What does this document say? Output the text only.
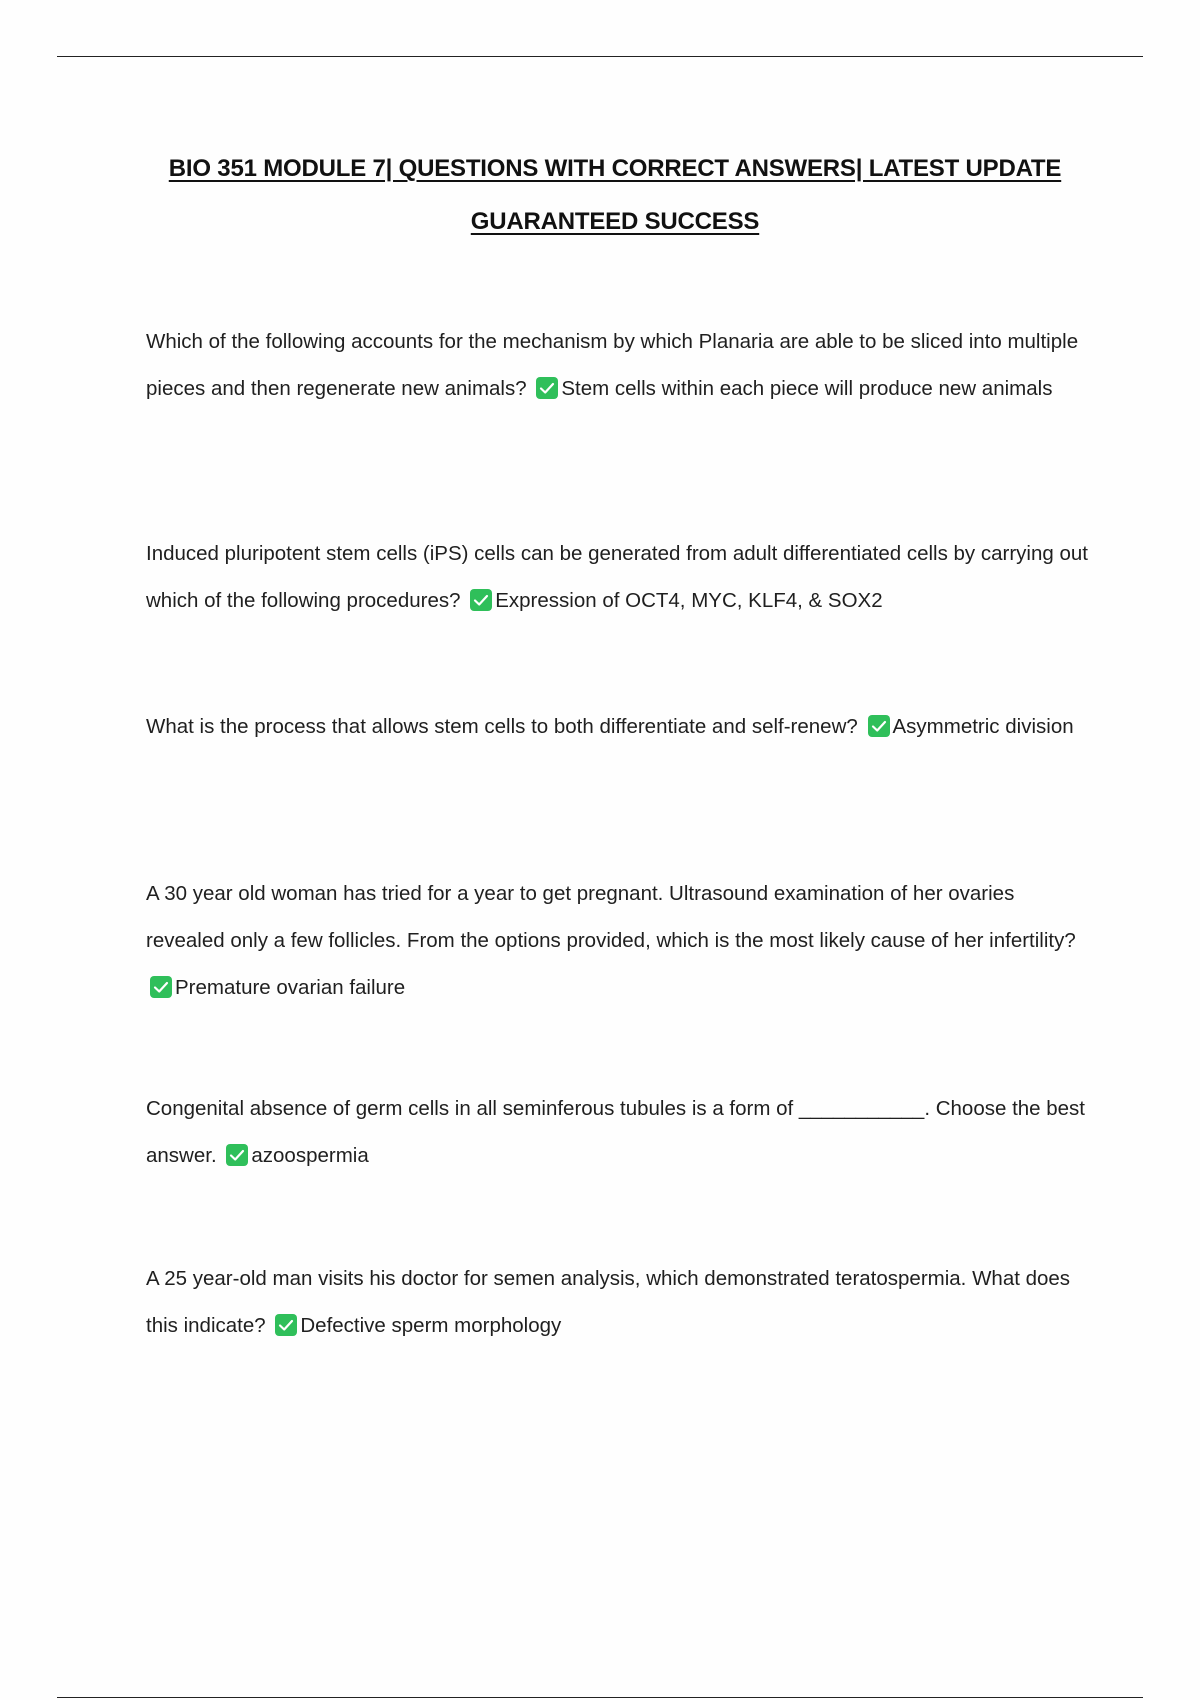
BIO 351 MODULE 7| QUESTIONS WITH CORRECT ANSWERS| LATEST UPDATE GUARANTEED SUCCESS
Which of the following accounts for the mechanism by which Planaria are able to be sliced into multiple pieces and then regenerate new animals? Stem cells within each piece will produce new animals
Induced pluripotent stem cells (iPS) cells can be generated from adult differentiated cells by carrying out which of the following procedures? Expression of OCT4, MYC, KLF4, & SOX2
What is the process that allows stem cells to both differentiate and self-renew? Asymmetric division
A 30 year old woman has tried for a year to get pregnant. Ultrasound examination of her ovaries revealed only a few follicles. From the options provided, which is the most likely cause of her infertility?
Premature ovarian failure
Congenital absence of germ cells in all seminferous tubules is a form of ___________. Choose the best answer. azoospermia
A 25 year-old man visits his doctor for semen analysis, which demonstrated teratospermia. What does this indicate? Defective sperm morphology
